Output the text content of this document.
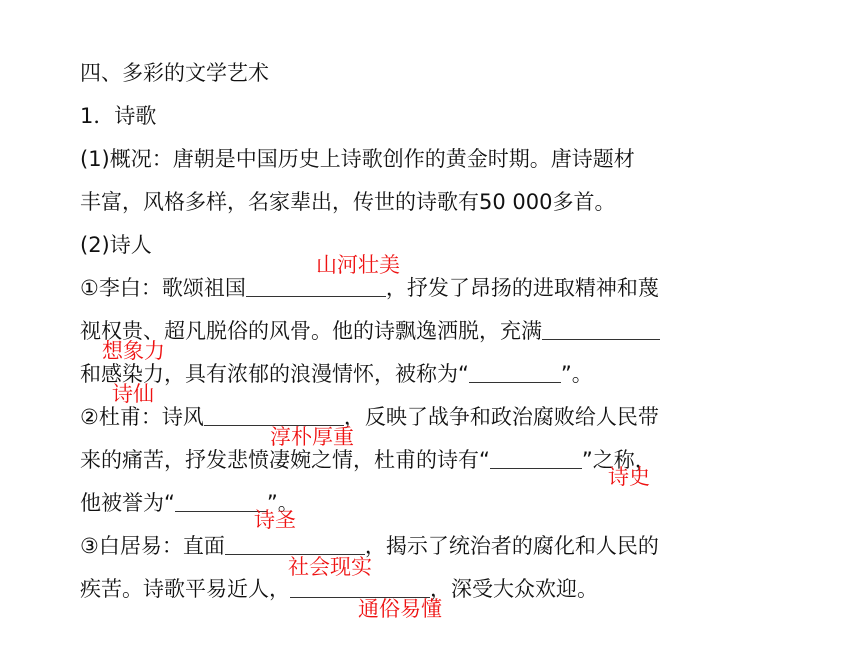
四、多彩的文学艺术
1．诗歌
(1)概况：唐朝是中国历史上诗歌创作的黄金时期。唐诗题材
丰富，风格多样，名家辈出，传世的诗歌有50 000多首。
(2)诗人
①李白：歌颂祖国	，抒发了昂扬的进取精神和蔑
视权贵、超凡脱俗的风骨。他的诗飘逸洒脱，充满
和感染力，具有浓郁的浪漫情怀，被称为“	”。
②杜甫：诗风	，反映了战争和政治腐败给人民带
来的痛苦，抒发悲愤凄婉之情，杜甫的诗有“	”之称，
他被誉为“	”。
③白居易：直面	，揭示了统治者的腐化和人民的
疾苦。诗歌平易近人，	，深受大众欢迎。
山河壮美
想象力
诗仙
淳朴厚重
诗史
诗圣
社会现实
通俗易懂
